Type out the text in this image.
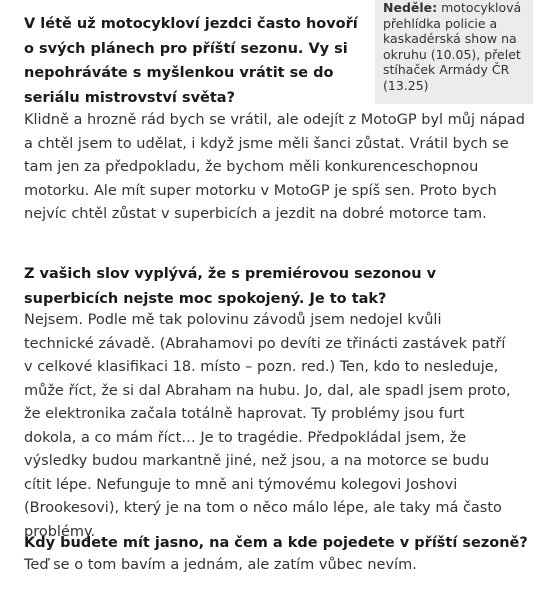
V létě už motocykloví jezdci často hovoří o svých plánech pro příští sezonu. Vy si nepohráváte s myšlenkou vrátit se do seriálu mistrovství světa?

Klidně a hrozně rád bych se vrátil, ale odejít z MotoGP byl můj nápad a chtěl jsem to udělat, i když jsme měli šanci zůstat. Vrátil bych se tam jen za předpokladu, že bychom měli konkurenceschopnou motorku. Ale mít super motorku v MotoGP je spíš sen. Proto bych nejvíc chtěl zůstat v superbicích a jezdit na dobré motorce tam.

Z vašich slov vyplývá, že s premiérovou sezonou v superbicích nejste moc spokojený. Je to tak?

Nejsem. Podle mě tak polovinu závodů jsem nedojel kvůli technické závadě. (Abrahamovi po devíti ze třinácti zastávek patří v celkové klasifikaci 18. místo – pozn. red.) Ten, kdo to nesleduje, může říct, že si dal Abraham na hubu. Jo, dal, ale spadl jsem proto, že elektronika začala totálně haprovat. Ty problémy jsou furt dokola, a co mám říct… Je to tragédie. Předpokládal jsem, že výsledky budou markantně jiné, než jsou, a na motorce se budu cítit lépe. Nefunguje to mně ani týmovému kolegovi Joshovi (Brookesovi), který je na tom o něco málo lépe, ale taky má často problémy.

Kdy budete mít jasno, na čem a kde pojedete v příští sezoně?

Teď se o tom bavím a jednám, ale zatím vůbec nevím.

Neděle: motocyklová přehlídka policie a kaskadérská show na okruhu (10.05), přelet stíhaček Armády ČR (13.25)
